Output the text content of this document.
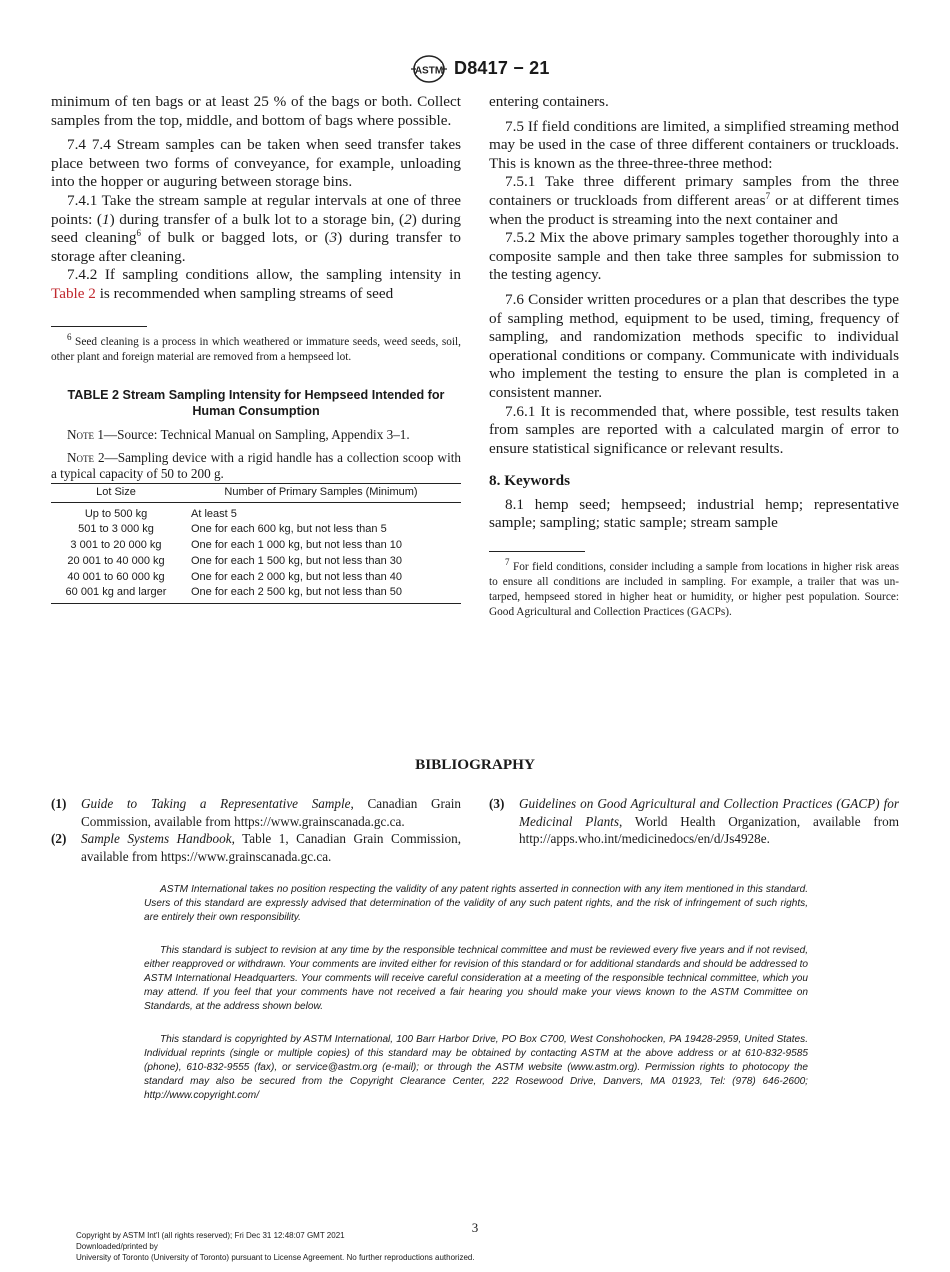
ASTM D8417 − 21

minimum of ten bags or at least 25 % of the bags or both. Collect samples from the top, middle, and bottom of bags where possible.

7.4 7.4 Stream samples can be taken when seed transfer takes place between two forms of conveyance, for example, unloading into the hopper or auguring between storage bins.

7.4.1 Take the stream sample at regular intervals at one of three points: (1) during transfer of a bulk lot to a storage bin, (2) during seed cleaning$^6$ of bulk or bagged lots, or (3) during transfer to storage after cleaning.

7.4.2 If sampling conditions allow, the sampling intensity in Table 2 is recommended when sampling streams of seed

$^6$ Seed cleaning is a process in which weathered or immature seeds, weed seeds, soil, other plant and foreign material are removed from a hempseed lot.

TABLE 2 Stream Sampling Intensity for Hempseed Intended for Human Consumption

Note 1—Source: Technical Manual on Sampling, Appendix 3–1.

Note 2—Sampling device with a rigid handle has a collection scoop with a typical capacity of 50 to 200 g.

Lot Size	Number of Primary Samples (Minimum)
Up to 500 kg	At least 5
501 to 3 000 kg	One for each 600 kg, but not less than 5
3 001 to 20 000 kg	One for each 1 000 kg, but not less than 10
20 001 to 40 000 kg	One for each 1 500 kg, but not less than 30
40 001 to 60 000 kg	One for each 2 000 kg, but not less than 40
60 001 kg and larger	One for each 2 500 kg, but not less than 50

entering containers.

7.5 If field conditions are limited, a simplified streaming method may be used in the case of three different containers or truckloads. This is known as the three-three-three method:

7.5.1 Take three different primary samples from the three containers or truckloads from different areas$^7$ or at different times when the product is streaming into the next container and

7.5.2 Mix the above primary samples together thoroughly into a composite sample and then take three samples for submission to the testing agency.

7.6 Consider written procedures or a plan that describes the type of sampling method, equipment to be used, timing, frequency of sampling, and randomization methods specific to individual operational conditions or company. Communicate with individuals who implement the testing to ensure the plan is completed in a consistent manner.

7.6.1 It is recommended that, where possible, test results taken from samples are reported with a calculated margin of error to ensure statistical significance or relevant results.

8. Keywords

8.1 hemp seed; hempseed; industrial hemp; representative sample; sampling; static sample; stream sample

$^7$ For field conditions, consider including a sample from locations in higher risk areas to ensure all conditions are included in sampling. For example, a trailer that was un-tarped, hempseed stored in higher heat or humidity, or higher pest population. Source: Good Agricultural and Collection Practices (GACPs).

BIBLIOGRAPHY
(1) Guide to Taking a Representative Sample, Canadian Grain Commission, available from https://www.grainscanada.gc.ca.
(2) Sample Systems Handbook, Table 1, Canadian Grain Commission, available from https://www.grainscanada.gc.ca.
(3) Guidelines on Good Agricultural and Collection Practices (GACP) for Medicinal Plants, World Health Organization, available from http://apps.who.int/medicinedocs/en/d/Js4928e.

ASTM International takes no position respecting the validity of any patent rights asserted in connection with any item mentioned in this standard. Users of this standard are expressly advised that determination of the validity of any such patent rights, and the risk of infringement of such rights, are entirely their own responsibility.

This standard is subject to revision at any time by the responsible technical committee and must be reviewed every five years and if not revised, either reapproved or withdrawn. Your comments are invited either for revision of this standard or for additional standards and should be addressed to ASTM International Headquarters. Your comments will receive careful consideration at a meeting of the responsible technical committee, which you may attend. If you feel that your comments have not received a fair hearing you should make your views known to the ASTM Committee on Standards, at the address shown below.

This standard is copyrighted by ASTM International, 100 Barr Harbor Drive, PO Box C700, West Conshohocken, PA 19428-2959, United States. Individual reprints (single or multiple copies) of this standard may be obtained by contacting ASTM at the above address or at 610-832-9585 (phone), 610-832-9555 (fax), or service@astm.org (e-mail); or through the ASTM website (www.astm.org). Permission rights to photocopy the standard may also be secured from the Copyright Clearance Center, 222 Rosewood Drive, Danvers, MA 01923, Tel: (978) 646-2600; http://www.copyright.com/

3
Copyright by ASTM Int'l (all rights reserved); Fri Dec 31 12:48:07 GMT 2021
Downloaded/printed by
University of Toronto (University of Toronto) pursuant to License Agreement. No further reproductions authorized.
